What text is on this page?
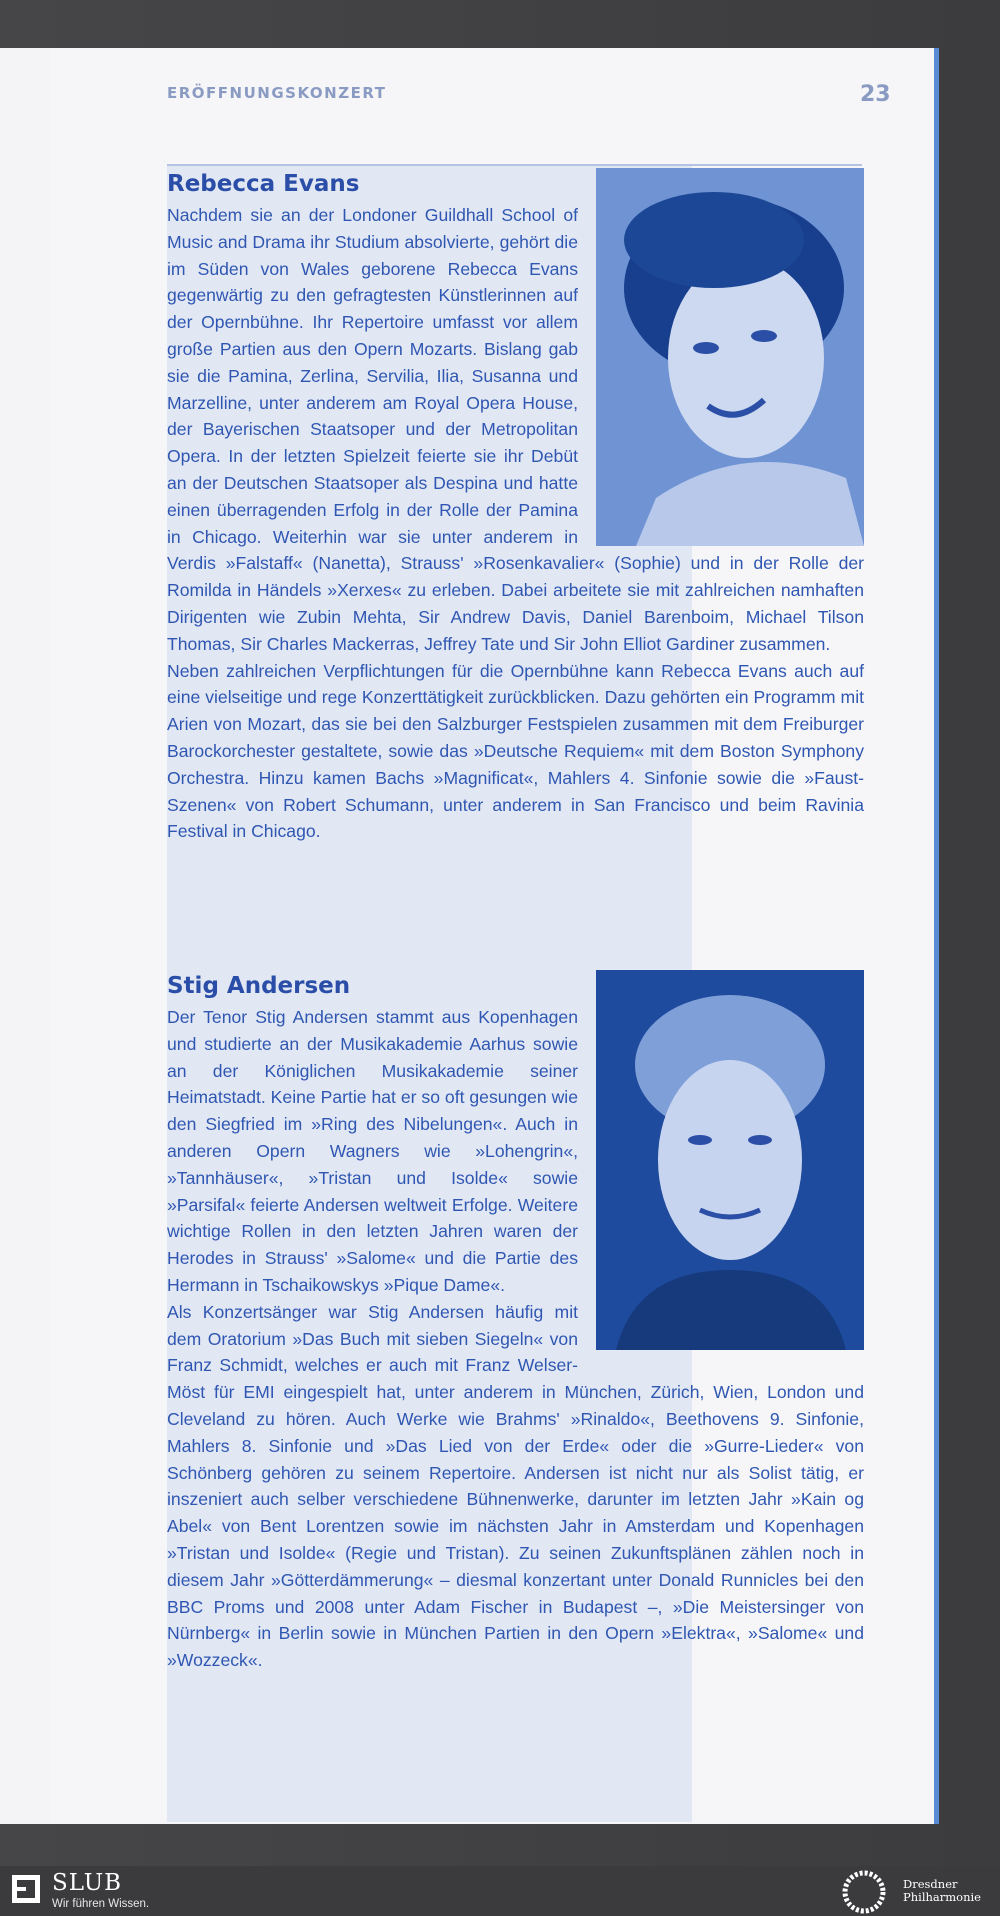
ERÖFFNUNGSKONZERT	23
Rebecca Evans

Nachdem sie an der Londoner Guildhall School of Music and Drama ihr Studium absolvierte, gehört die im Süden von Wales geborene Rebecca Evans gegenwärtig zu den gefragtesten Künstlerinnen auf der Opernbühne. Ihr Repertoire umfasst vor allem große Partien aus den Opern Mozarts. Bislang gab sie die Pamina, Zerlina, Servilia, Ilia, Susanna und Marzelline, unter anderem am Royal Opera House, der Bayerischen Staatsoper und der Metropolitan Opera. In der letzten Spielzeit feierte sie ihr Debüt an der Deutschen Staatsoper als Despina und hatte einen überragenden Erfolg in der Rolle der Pamina in Chicago. Weiterhin war sie unter anderem in Verdis »Falstaff« (Nanetta), Strauss' »Rosenkavalier« (Sophie) und in der Rolle der Romilda in Händels »Xerxes« zu erleben. Dabei arbeitete sie mit zahlreichen namhaften Dirigenten wie Zubin Mehta, Sir Andrew Davis, Daniel Barenboim, Michael Tilson Thomas, Sir Charles Mackerras, Jeffrey Tate und Sir John Elliot Gardiner zusammen.

Neben zahlreichen Verpflichtungen für die Opernbühne kann Rebecca Evans auch auf eine vielseitige und rege Konzerttätigkeit zurückblicken. Dazu gehörten ein Programm mit Arien von Mozart, das sie bei den Salzburger Festspielen zusammen mit dem Freiburger Barockorchester gestaltete, sowie das »Deutsche Requiem« mit dem Boston Symphony Orchestra. Hinzu kamen Bachs »Magnificat«, Mahlers 4. Sinfonie sowie die »Faust-Szenen« von Robert Schumann, unter anderem in San Francisco und beim Ravinia Festival in Chicago.

Stig Andersen

Der Tenor Stig Andersen stammt aus Kopenhagen und studierte an der Musikakademie Aarhus sowie an der Königlichen Musikakademie seiner Heimatstadt. Keine Partie hat er so oft gesungen wie den Siegfried im »Ring des Nibelungen«. Auch in anderen Opern Wagners wie »Lohengrin«, »Tannhäuser«, »Tristan und Isolde« sowie »Parsifal« feierte Andersen weltweit Erfolge. Weitere wichtige Rollen in den letzten Jahren waren der Herodes in Strauss' »Salome« und die Partie des Hermann in Tschaikowskys »Pique Dame«.

Als Konzertsänger war Stig Andersen häufig mit dem Oratorium »Das Buch mit sieben Siegeln« von Franz Schmidt, welches er auch mit Franz Welser-Möst für EMI eingespielt hat, unter anderem in München, Zürich, Wien, London und Cleveland zu hören. Auch Werke wie Brahms' »Rinaldo«, Beethovens 9. Sinfonie, Mahlers 8. Sinfonie und »Das Lied von der Erde« oder die »Gurre-Lieder« von Schönberg gehören zu seinem Repertoire. Andersen ist nicht nur als Solist tätig, er inszeniert auch selber verschiedene Bühnenwerke, darunter im letzten Jahr »Kain og Abel« von Bent Lorentzen sowie im nächsten Jahr in Amsterdam und Kopenhagen »Tristan und Isolde« (Regie und Tristan). Zu seinen Zukunftsplänen zählen noch in diesem Jahr »Götterdämmerung« – diesmal konzertant unter Donald Runnicles bei den BBC Proms und 2008 unter Adam Fischer in Budapest –, »Die Meistersinger von Nürnberg« in Berlin sowie in München Partien in den Opern »Elektra«, »Salome« und »Wozzeck«.

SLUB
Wir führen Wissen.
Dresdner
Philharmonie
